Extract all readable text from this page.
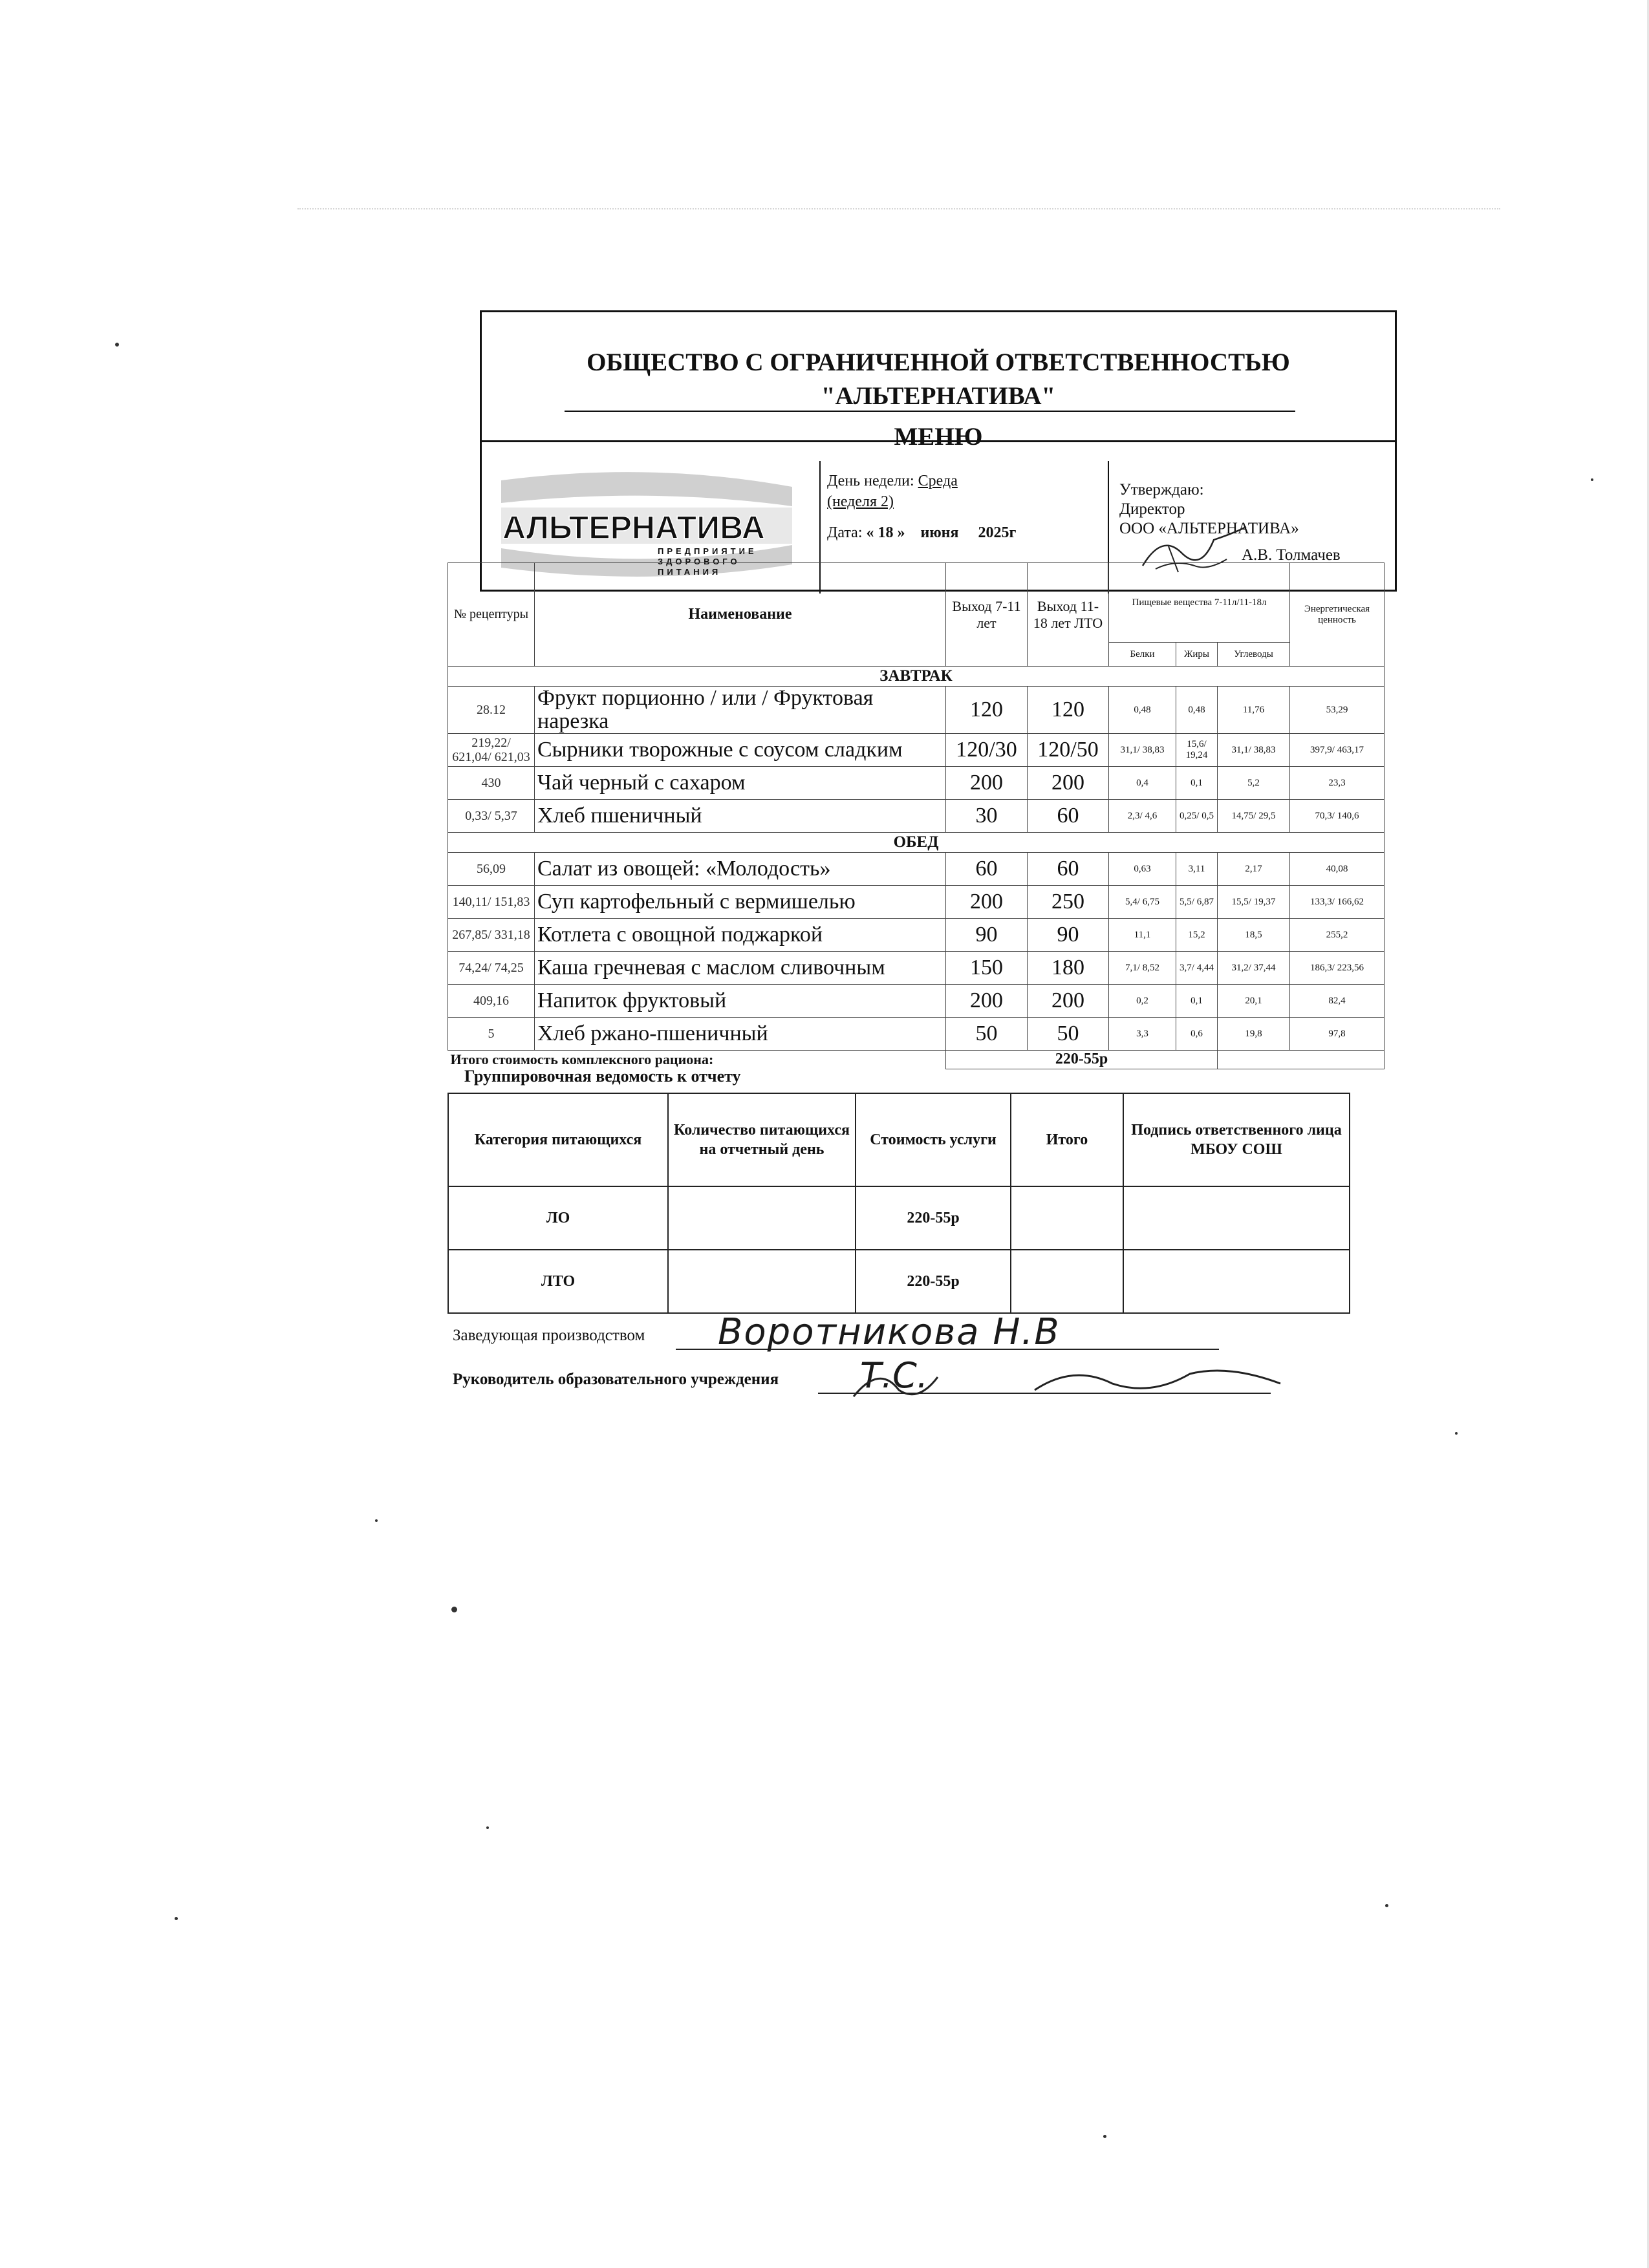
ОБЩЕСТВО С ОГРАНИЧЕННОЙ ОТВЕТСТВЕННОСТЬЮ
"АЛЬТЕРНАТИВА"
МЕНЮ
АЛЬТЕРНАТИВА
ПРЕДПРИЯТИЕ
ЗДОРОВОГО
ПИТАНИЯ
День недели: Среда
(неделя 2)
Дата: « 18 » июня 2025г
Утверждаю:
Директор
ООО «АЛЬТЕРНАТИВА»
А.В. Толмачев
№ рецептуры	Наименование	Выход 7-11 лет	Выход 11-18 лет ЛТО	Пищевые вещества 7-11л/11-18л			Энергетическая ценность
				Белки	Жиры	Углеводы	
ЗАВТРАК							
28.12	Фрукт порционно / или / Фруктовая нарезка	120	120	0,48	0,48	11,76	53,29
219,22/ 621,04/ 621,03	Сырники творожные с соусом сладким	120/30	120/50	31,1/ 38,83	15,6/ 19,24	31,1/ 38,83	397,9/ 463,17
430	Чай черный с сахаром	200	200	0,4	0,1	5,2	23,3
0,33/ 5,37	Хлеб пшеничный	30	60	2,3/ 4,6	0,25/ 0,5	14,75/ 29,5	70,3/ 140,6
ОБЕД							
56,09	Салат из овощей: «Молодость»	60	60	0,63	3,11	2,17	40,08
140,11/ 151,83	Суп картофельный с вермишелью	200	250	5,4/ 6,75	5,5/ 6,87	15,5/ 19,37	133,3/ 166,62
267,85/ 331,18	Котлета с овощной поджаркой	90	90	11,1	15,2	18,5	255,2
74,24/ 74,25	Каша гречневая с маслом сливочным	150	180	7,1/ 8,52	3,7/ 4,44	31,2/ 37,44	186,3/ 223,56
409,16	Напиток фруктовый	200	200	0,2	0,1	20,1	82,4
5	Хлеб ржано-пшеничный	50	50	3,3	0,6	19,8	97,8
Итого стоимость комплексного рациона:		220-55р					
Группировочная ведомость к отчету
Категория питающихся	Количество питающихся на отчетный день	Стоимость услуги	Итого	Подпись ответственного лица МБОУ СОШ
ЛО		220-55р		
ЛТО		220-55р		
Заведующая производством Воротникова Н.В
Руководитель образовательного учреждения Т.С.
